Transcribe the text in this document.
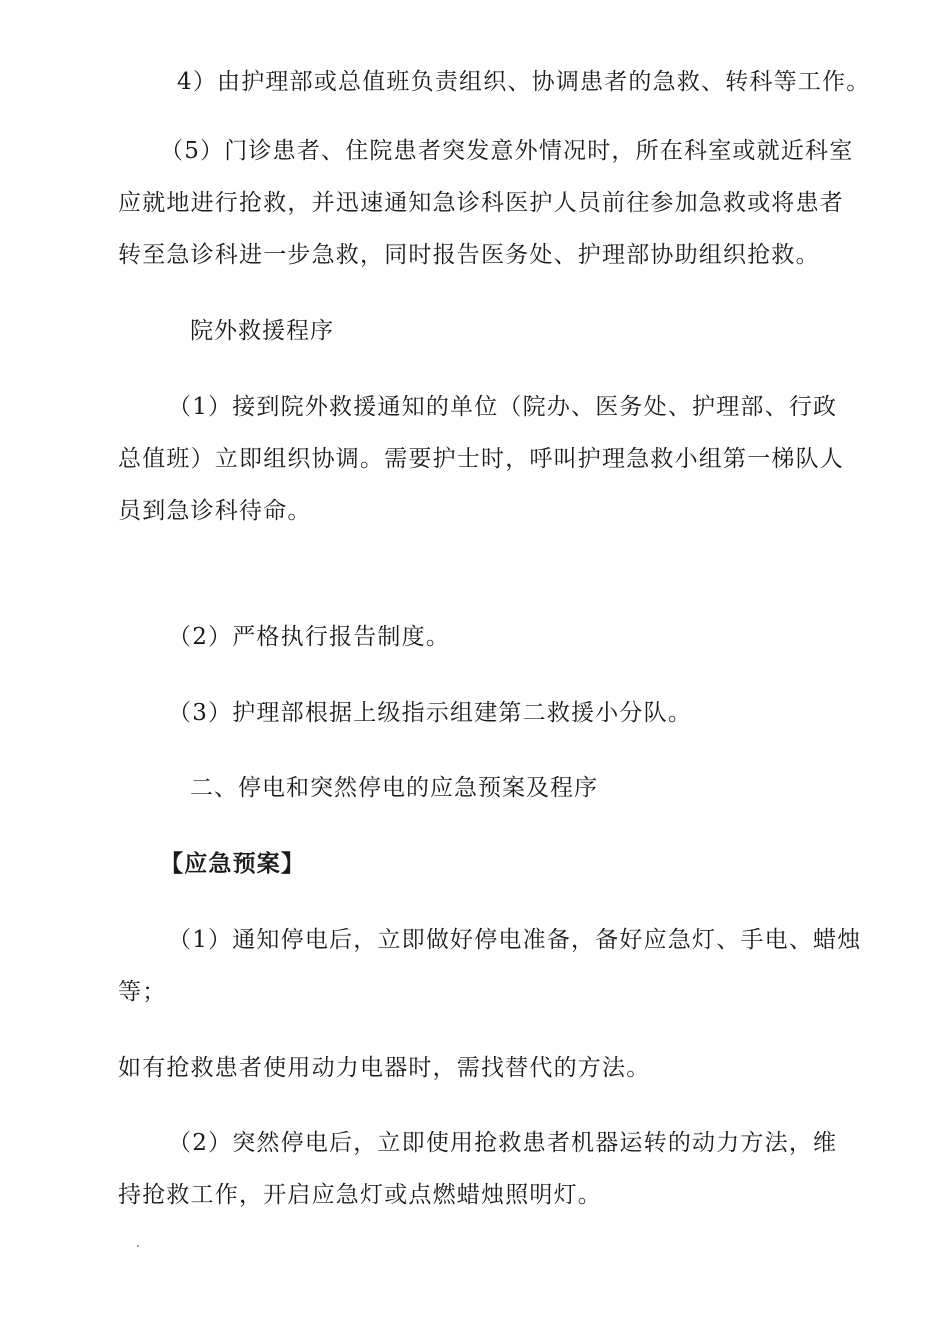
4）由护理部或总值班负责组织、协调患者的急救、转科等工作。
（5）门诊患者、住院患者突发意外情况时，所在科室或就近科室
应就地进行抢救，并迅速通知急诊科医护人员前往参加急救或将患者
转至急诊科进一步急救，同时报告医务处、护理部协助组织抢救。
院外救援程序
（1）接到院外救援通知的单位（院办、医务处、护理部、行政
总值班）立即组织协调。需要护士时，呼叫护理急救小组第一梯队人
员到急诊科待命。
（2）严格执行报告制度。
（3）护理部根据上级指示组建第二救援小分队。
二、停电和突然停电的应急预案及程序
【应急预案】
（1）通知停电后，立即做好停电准备，备好应急灯、手电、蜡烛
等；
如有抢救患者使用动力电器时，需找替代的方法。
（2）突然停电后，立即使用抢救患者机器运转的动力方法，维
持抢救工作，开启应急灯或点燃蜡烛照明灯。
